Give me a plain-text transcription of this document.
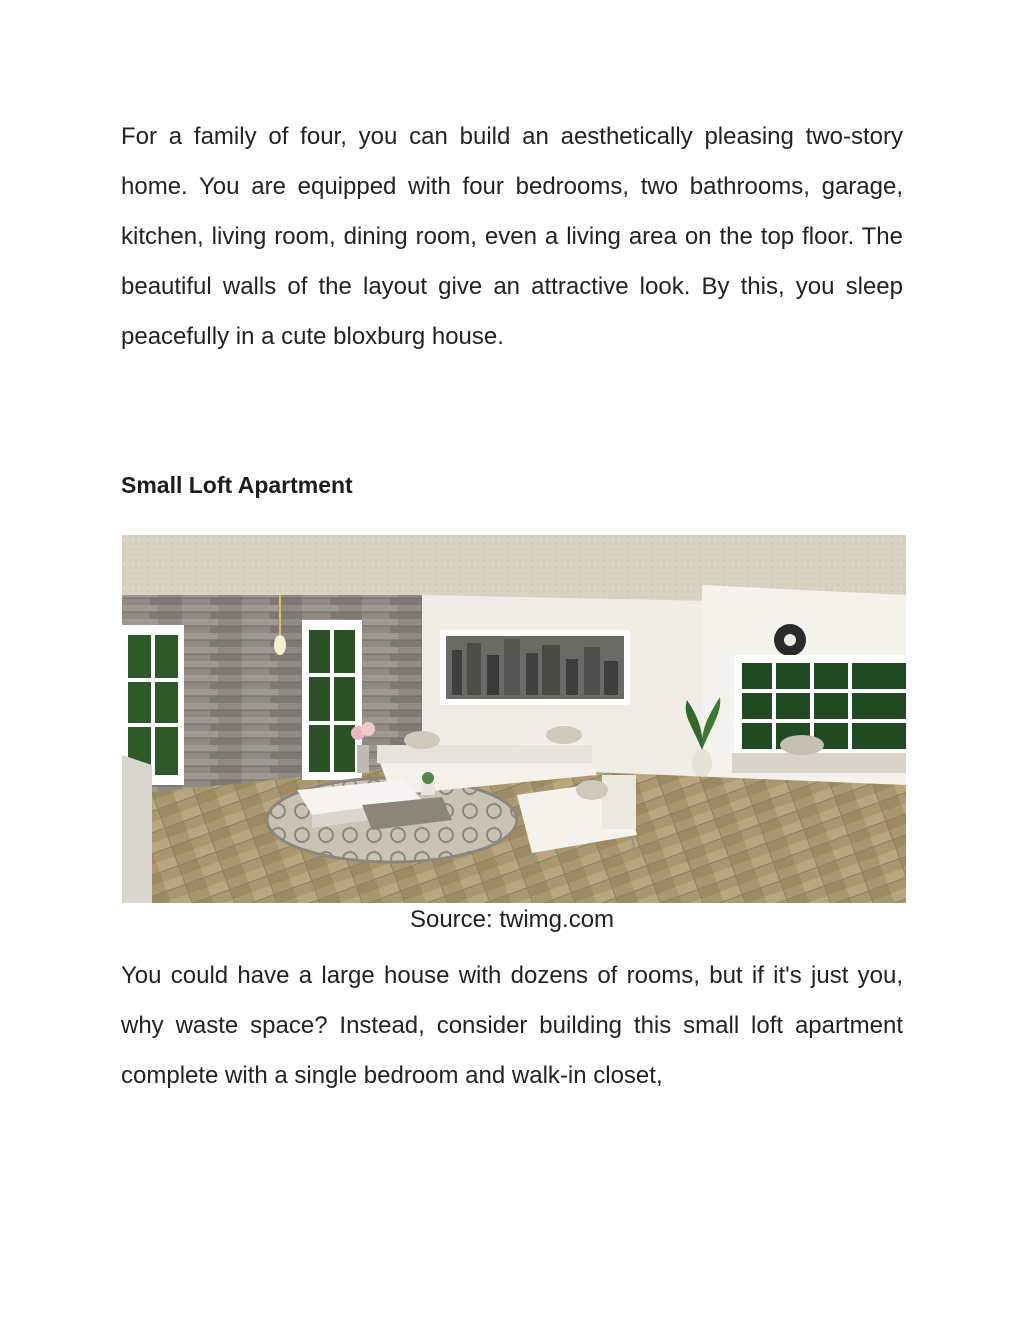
For a family of four, you can build an aesthetically pleasing two-story home. You are equipped with four bedrooms, two bathrooms, garage, kitchen, living room, dining room, even a living area on the top floor. The beautiful walls of the layout give an attractive look. By this, you sleep peacefully in a cute bloxburg house.

Small Loft Apartment

Source: twimg.com

You could have a large house with dozens of rooms, but if it's just you, why waste space? Instead, consider building this small loft apartment complete with a single bedroom and walk-in closet,
